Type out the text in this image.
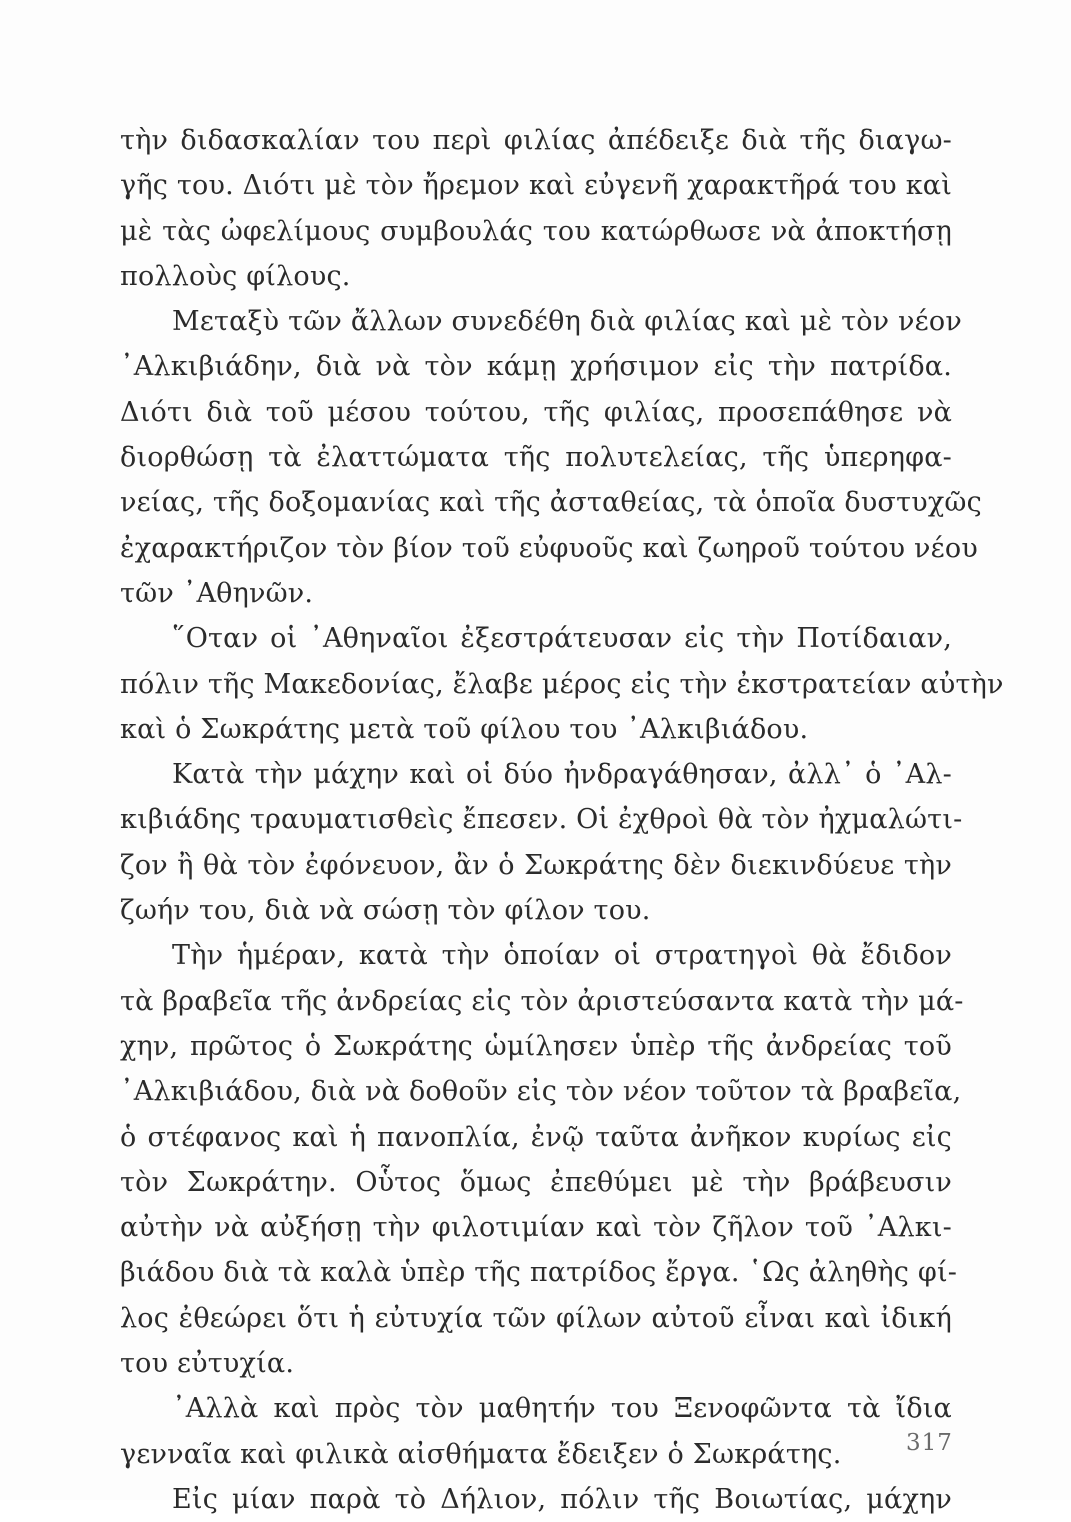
τὴν διδασκαλίαν του περὶ φιλίας ἀπέδειξε διὰ τῆς διαγω-
γῆς του. Διότι μὲ τὸν ἤρεμον καὶ εὐγενῆ χαρακτῆρά του καὶ
μὲ τὰς ὠφελίμους συμβουλάς του κατώρθωσε νὰ ἀποκτήσῃ
πολλοὺς φίλους.
Μεταξὺ τῶν ἄλλων συνεδέθη διὰ φιλίας καὶ μὲ τὸν νέον
᾿Αλκιβιάδην, διὰ νὰ τὸν κάμῃ χρήσιμον εἰς τὴν πατρίδα.
Διότι διὰ τοῦ μέσου τούτου, τῆς φιλίας, προσεπάθησε νὰ
διορθώσῃ τὰ ἐλαττώματα τῆς πολυτελείας, τῆς ὑπερηφα-
νείας, τῆς δοξομανίας καὶ τῆς ἀσταθείας, τὰ ὁποῖα δυστυχῶς
ἐχαρακτήριζον τὸν βίον τοῦ εὐφυοῦς καὶ ζωηροῦ τούτου νέου
τῶν ᾿Αθηνῶν.
῞Οταν οἱ ᾿Αθηναῖοι ἐξεστράτευσαν εἰς τὴν Ποτίδαιαν,
πόλιν τῆς Μακεδονίας, ἔλαβε μέρος εἰς τὴν ἐκστρατείαν αὐτὴν
καὶ ὁ Σωκράτης μετὰ τοῦ φίλου του ᾿Αλκιβιάδου.
Κατὰ τὴν μάχην καὶ οἱ δύο ἠνδραγάθησαν, ἀλλ᾿ ὁ ᾿Αλ-
κιβιάδης τραυματισθεὶς ἔπεσεν. Οἱ ἐχθροὶ θὰ τὸν ἠχμαλώτι-
ζον ἢ θὰ τὸν ἐφόνευον, ἂν ὁ Σωκράτης δὲν διεκινδύευε τὴν
ζωήν του, διὰ νὰ σώσῃ τὸν φίλον του.
Τὴν ἡμέραν, κατὰ τὴν ὁποίαν οἱ στρατηγοὶ θὰ ἔδιδον
τὰ βραβεῖα τῆς ἀνδρείας εἰς τὸν ἀριστεύσαντα κατὰ τὴν μά-
χην, πρῶτος ὁ Σωκράτης ὡμίλησεν ὑπὲρ τῆς ἀνδρείας τοῦ
᾿Αλκιβιάδου, διὰ νὰ δοθοῦν εἰς τὸν νέον τοῦτον τὰ βραβεῖα,
ὁ στέφανος καὶ ἡ πανοπλία, ἐνῷ ταῦτα ἀνῆκον κυρίως εἰς
τὸν Σωκράτην. Οὗτος ὅμως ἐπεθύμει μὲ τὴν βράβευσιν
αὐτὴν νὰ αὐξήσῃ τὴν φιλοτιμίαν καὶ τὸν ζῆλον τοῦ ᾿Αλκι-
βιάδου διὰ τὰ καλὰ ὑπὲρ τῆς πατρίδος ἔργα. ῾Ως ἀληθὴς φί-
λος ἐθεώρει ὅτι ἡ εὐτυχία τῶν φίλων αὐτοῦ εἶναι καὶ ἰδική
του εὐτυχία.
᾿Αλλὰ καὶ πρὸς τὸν μαθητήν του Ξενοφῶντα τὰ ἴδια
γενναῖα καὶ φιλικὰ αἰσθήματα ἔδειξεν ὁ Σωκράτης.
Εἰς μίαν παρὰ τὸ Δήλιον, πόλιν τῆς Βοιωτίας, μάχην
317
